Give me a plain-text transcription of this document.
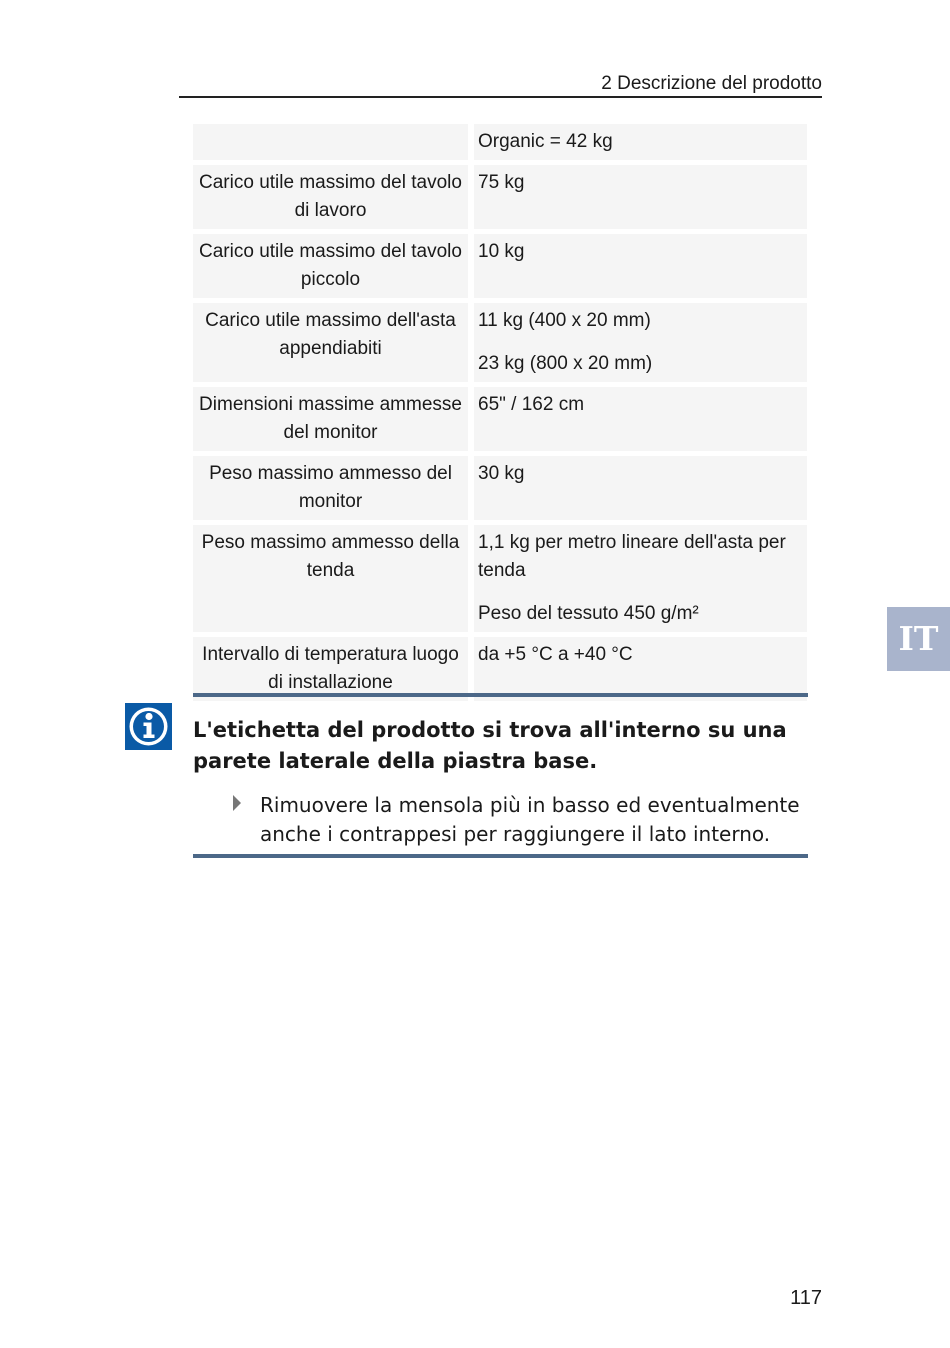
2 Descrizione del prodotto

		Organic = 42 kg

Carico utile massimo del tavolo di lavoro		75 kg

Carico utile massimo del tavolo piccolo		10 kg

Carico utile massimo dell'asta appendiabiti		11 kg (400 x 20 mm)

23 kg (800 x 20 mm)

Dimensioni massime ammesse del monitor		65" / 162 cm

Peso massimo ammesso del monitor		30 kg

Peso massimo ammesso della tenda		1,1 kg per metro lineare dell'asta per tenda

Peso del tessuto 450 g/m²

Intervallo di temperatura luogo di installazione		da +5 °C a +40 °C	IT
L'etichetta del prodotto si trova all'interno su una parete laterale della piastra base.
Rimuovere la mensola più in basso ed eventualmente anche i contrappesi per raggiungere il lato interno.
117
